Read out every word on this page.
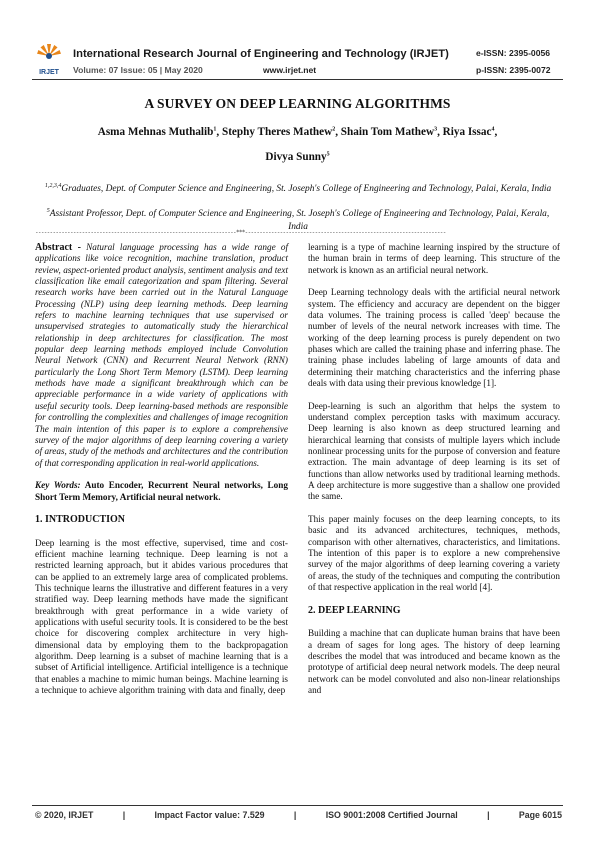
IRJET
International Research Journal of Engineering and Technology (IRJET)
Volume: 07 Issue: 05 | May 2020	www.irjet.net
e-ISSN: 2395-0056
p-ISSN: 2395-0072
A SURVEY ON DEEP LEARNING ALGORITHMS
Asma Mehnas Muthalib$^1$, Stephy Theres Mathew$^2$, Shain Tom Mathew$^3$, Riya Issac$^4$,
Divya Sunny$^5$
$^{1,2,3,4}$Graduates, Dept. of Computer Science and Engineering, St. Joseph's College of Engineering and Technology, Palai, Kerala, India
$^5$Assistant Professor, Dept. of Computer Science and Engineering, St. Joseph's College of Engineering and Technology, Palai, Kerala, India
---------------------------------------------------------------------***---------------------------------------------------------------------

Abstract - Natural language processing has a wide range of applications like voice recognition, machine translation, product review, aspect-oriented product analysis, sentiment analysis and text classification like email categorization and spam filtering. Several research works have been carried out in the Natural Language Processing (NLP) using deep learning methods. Deep learning refers to machine learning techniques that use supervised or unsupervised strategies to automatically study the hierarchical relationship in deep architectures for classification. The most popular deep learning methods employed include Convolution Neural Network (CNN) and Recurrent Neural Network (RNN) particularly the Long Short Term Memory (LSTM). Deep learning methods have made a significant breakthrough which can be appreciable performance in a wide variety of applications with useful security tools. Deep learning-based methods are responsible for controlling the complexities and challenges of image recognition The main intention of this paper is to explore a comprehensive survey of the major algorithms of deep learning covering a variety of areas, study of the methods and architectures and the contribution of that corresponding application in real-world applications.

Key Words: Auto Encoder, Recurrent Neural networks, Long Short Term Memory, Artificial neural network.

1. INTRODUCTION

Deep learning is the most effective, supervised, time and cost-efficient machine learning technique. Deep learning is not a restricted learning approach, but it abides various procedures that can be applied to an extremely large area of complicated problems. This technique learns the illustrative and different features in a very stratified way. Deep learning methods have made the significant breakthrough with great performance in a wide variety of applications with useful security tools. It is considered to be the best choice for discovering complex architecture in very high-dimensional data by employing them to the backpropagation algorithm. Deep learning is a subset of machine learning that is a subset of Artificial intelligence. Artificial intelligence is a technique that enables a machine to mimic human beings. Machine learning is a technique to achieve algorithm training with data and finally, deep

learning is a type of machine learning inspired by the structure of the human brain in terms of deep learning. This structure of the network is known as an artificial neural network.

Deep Learning technology deals with the artificial neural network system. The efficiency and accuracy are dependent on the bigger data volumes. The training process is called 'deep' because the number of levels of the neural network increases with time. The working of the deep learning process is purely dependent on two phases which are called the training phase and inferring phase. The training phase includes labeling of large amounts of data and determining their matching characteristics and the inferring phase deals with data using their previous knowledge [1].

Deep-learning is such an algorithm that helps the system to understand complex perception tasks with maximum accuracy. Deep learning is also known as deep structured learning and hierarchical learning that consists of multiple layers which include nonlinear processing units for the purpose of conversion and feature extraction. The main advantage of deep learning is its set of functions than allow networks used by traditional learning methods. A deep architecture is more suggestive than a shallow one provided the same.

This paper mainly focuses on the deep learning concepts, to its basic and its advanced architectures, techniques, methods, comparison with other alternatives, characteristics, and limitations. The intention of this paper is to explore a new comprehensive survey of the major algorithms of deep learning covering a variety of areas, the study of the techniques and computing the contribution of that respective application in the real world [4].

2. DEEP LEARNING

Building a machine that can duplicate human brains that have been a dream of sages for long ages. The history of deep learning describes the model that was introduced and became known as the prototype of artificial deep neural network models. The deep neural network can be model convoluted and also non-linear relationships and

© 2020, IRJET	|	Impact Factor value: 7.529	|	ISO 9001:2008 Certified Journal	|	Page 6015
